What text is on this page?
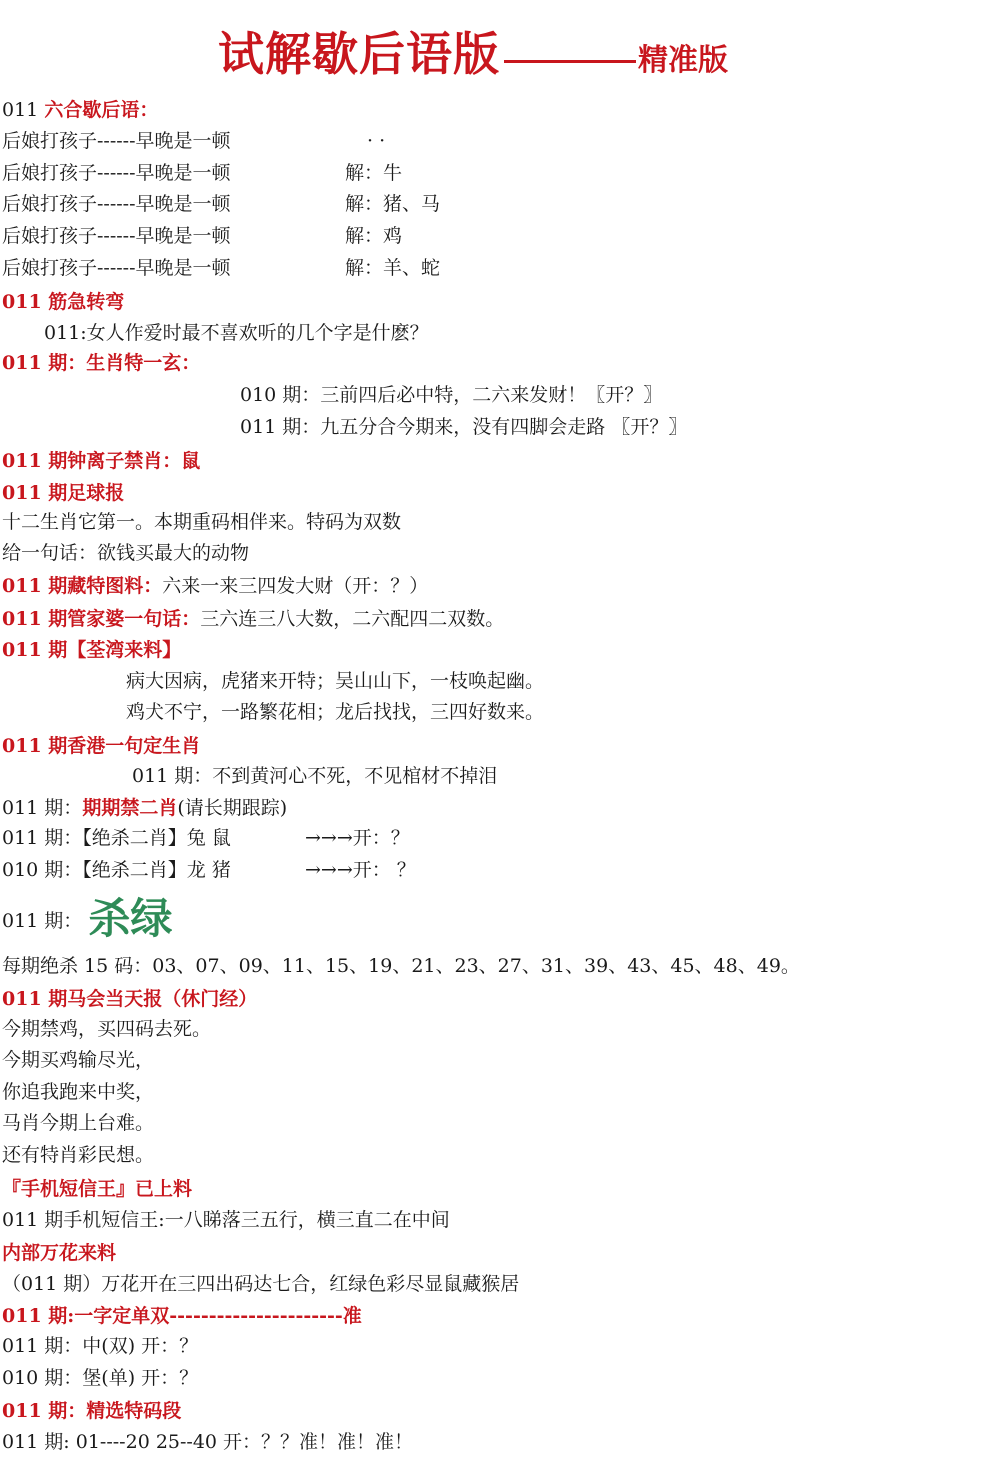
试解歇后语版	精准版
011 六合歇后语：
后娘打孩子------早晚是一顿	· ·
后娘打孩子------早晚是一顿	解：牛
后娘打孩子------早晚是一顿	解：猪、马
后娘打孩子------早晚是一顿	解：鸡
后娘打孩子------早晚是一顿	解：羊、蛇
011 筋急转弯
011:女人作爱时最不喜欢听的几个字是什麽？
011 期：生肖特一玄：
010 期：三前四后必中特，二六来发财！〖开？〗
011 期：九五分合今期来，没有四脚会走路 〖开？〗
011 期钟离子禁肖：鼠
011 期足球报
十二生肖它第一。本期重码相伴来。特码为双数
给一句话：欲钱买最大的动物
011 期藏特图料：六来一来三四发大财（开：？）
011 期管家婆一句话：三六连三八大数，二六配四二双数。
011 期【荃湾来料】
病大因病，虎猪来开特；吴山山下，一枝唤起幽。
鸡犬不宁，一路繁花相；龙后找找，三四好数来。
011 期香港一句定生肖
011 期：不到黄河心不死，不见棺材不掉泪
011 期：期期禁二肖(请长期跟踪)
011 期：【绝杀二肖】兔 鼠	→→→开：？
010 期：【绝杀二肖】龙 猪	→→→开： ？
011 期： 杀绿
每期绝杀 15 码：03、07、09、11、15、19、21、23、27、31、39、43、45、48、49。
011 期马会当天报（休门经）
今期禁鸡，买四码去死。
今期买鸡输尽光，
你追我跑来中奖，
马肖今期上台难。
还有特肖彩民想。
『手机短信王』已上料
011 期手机短信王:一八睇落三五行，横三直二在中间
内部万花来料
（011 期）万花开在三四出码达七合，红绿色彩尽显鼠藏猴居
011 期:一字定单双----------------------准
011 期：中(双) 开：？
010 期：堡(单) 开：？
011 期：精选特码段
011 期: 01----20 25--40 开：？？准！准！准！
